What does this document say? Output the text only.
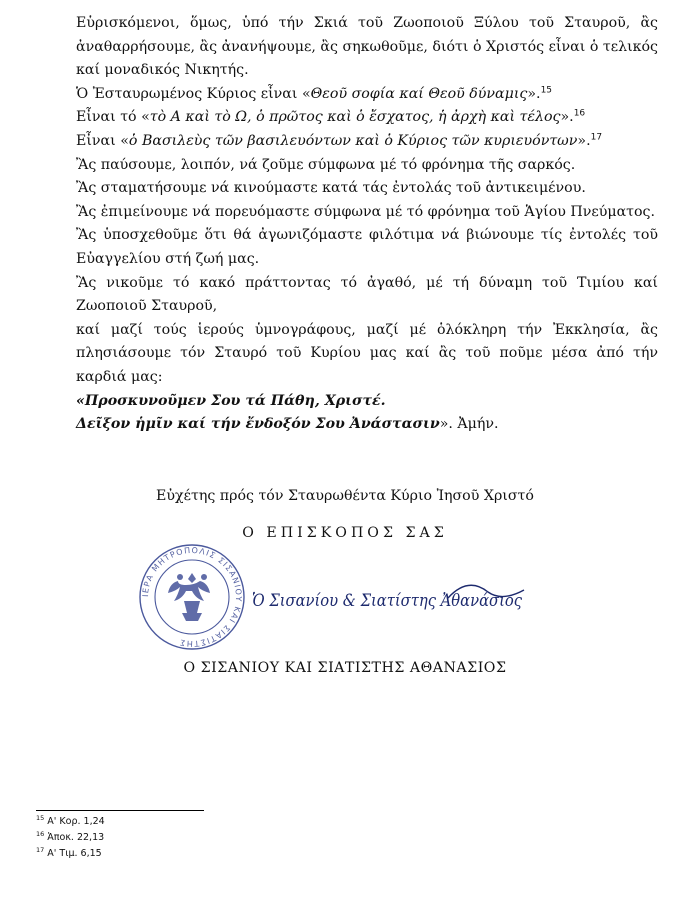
Εὑρισκόμενοι, ὅμως, ὑπό τήν Σκιά τοῦ Ζωοποιοῦ Ξύλου τοῦ Σταυροῦ, ἂς ἀναθαρρήσουμε, ἂς ἀνανήψουμε, ἂς σηκωθοῦμε, διότι ὁ Χριστός εἶναι ὁ τελικός καί μοναδικός Νικητής.

Ὁ Ἐσταυρωμένος Κύριος εἶναι «Θεοῦ σοφία καί Θεοῦ δύναμις».$^{15}$

Εἶναι τό «τὸ Α καὶ τὸ Ω, ὁ πρῶτος καὶ ὁ ἔσχατος, ἡ ἀρχὴ καὶ τέλος».$^{16}$

Εἶναι «ὁ Βασιλεὺς τῶν βασιλευόντων καὶ ὁ Κύριος τῶν κυριευόντων».$^{17}$

Ἂς παύσουμε, λοιπόν, νά ζοῦμε σύμφωνα μέ τό φρόνημα τῆς σαρκός.

Ἂς σταματήσουμε νά κινούμαστε κατά τάς ἐντολάς τοῦ ἀντικειμένου.

Ἂς ἐπιμείνουμε νά πορευόμαστε σύμφωνα μέ τό φρόνημα τοῦ Ἁγίου Πνεύματος.

Ἂς ὑποσχεθοῦμε ὅτι θά ἀγωνιζόμαστε φιλότιμα νά βιώνουμε τίς ἐντολές τοῦ Εὐαγγελίου στή ζωή μας.

Ἂς νικοῦμε τό κακό πράττοντας τό ἀγαθό, μέ τή δύναμη τοῦ Τιμίου καί Ζωοποιοῦ Σταυροῦ,

καί μαζί τούς ἱερούς ὑμνογράφους, μαζί μέ ὁλόκληρη τήν Ἐκκλησία, ἂς πλησιάσουμε τόν Σταυρό τοῦ Κυρίου μας καί ἂς τοῦ ποῦμε μέσα ἀπό τήν καρδιά μας:

«Προσκυνοῦμεν Σου τά Πάθη, Χριστέ.

Δεῖξον ἡμῖν καί τήν ἔνδοξόν Σου Ἀνάστασιν». Ἀμήν.

Εὐχέτης πρός τόν Σταυρωθέντα Κύριο Ἰησοῦ Χριστό
Ο ΕΠΙΣΚΟΠΟΣ ΣΑΣ
ΙΕΡΑ ΜΗΤΡΟΠΟΛΙΣ ΣΙΣΑΝΙΟΥ ΚΑΙ ΣΙΑΤΙΣΤΗΣ
Ὁ Σισανίου & Σιατίστης Ἀθανάσιος
Ο ΣΙΣΑΝΙΟΥ ΚΑΙ ΣΙΑΤΙΣΤΗΣ ΑΘΑΝΑΣΙΟΣ
$^{15}$ Α' Κορ. 1,24
$^{16}$ Ἀποκ. 22,13
$^{17}$ Α' Τιμ. 6,15
